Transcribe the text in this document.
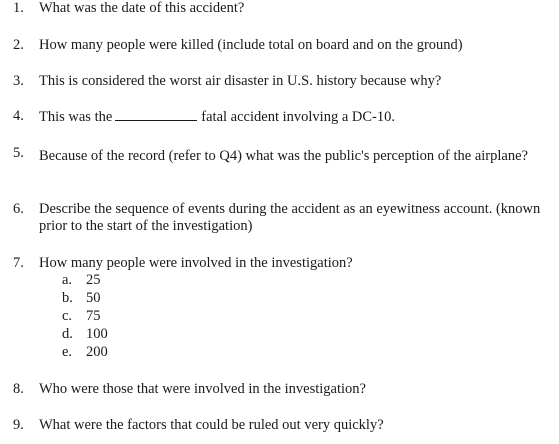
1.	What was the date of this accident?
2.	How many people were killed (include total on board and on the ground)
3.	This is considered the worst air disaster in U.S. history because why?
4.	This was the	fatal accident involving a DC-10.
5.	Because of the record (refer to Q4) what was the public's perception of the airplane?
6.	Describe the sequence of events during the accident as an eyewitness account. (known prior to the start of the investigation)
7.	How many people were involved in the investigation?
a. 25
b. 50
c. 75
d. 100
e. 200
8.	Who were those that were involved in the investigation?
9.	What were the factors that could be ruled out very quickly?
